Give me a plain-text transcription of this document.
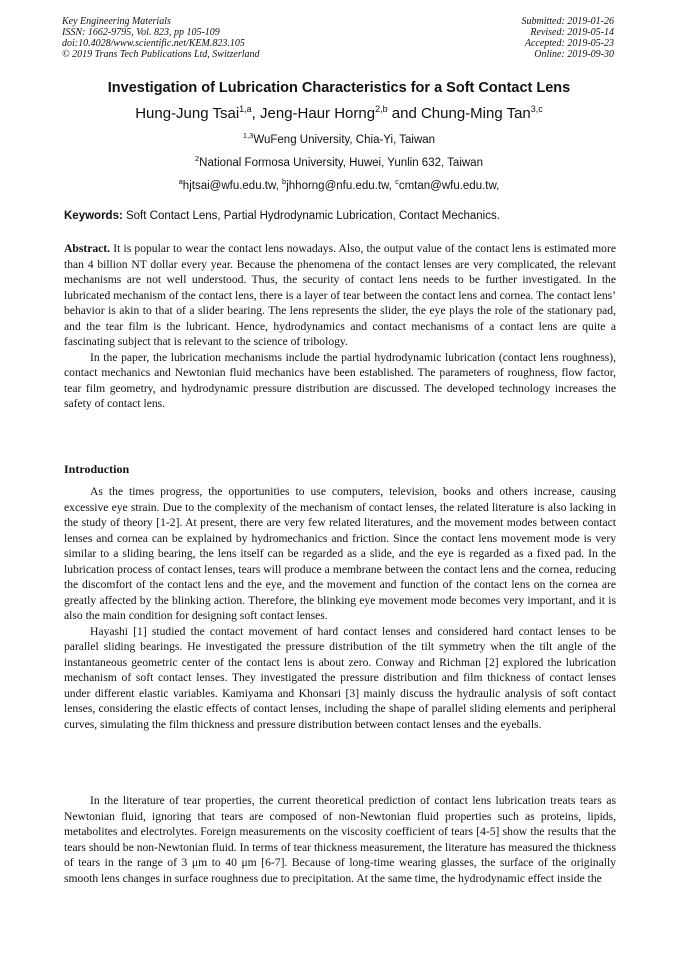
Key Engineering Materials
ISSN: 1662-9795, Vol. 823, pp 105-109
doi:10.4028/www.scientific.net/KEM.823.105
© 2019 Trans Tech Publications Ltd, Switzerland
Submitted: 2019-01-26
Revised: 2019-05-14
Accepted: 2019-05-23
Online: 2019-09-30
Investigation of Lubrication Characteristics for a Soft Contact Lens
Hung-Jung Tsai$^{1,a}$, Jeng-Haur Horng$^{2,b}$ and Chung-Ming Tan$^{3,c}$
$^{1,3}$WuFeng University, Chia-Yi, Taiwan
$^2$National Formosa University, Huwei, Yunlin 632, Taiwan
$^a$hjtsai@wfu.edu.tw, $^b$jhhorng@nfu.edu.tw, $^c$cmtan@wfu.edu.tw,
Keywords: Soft Contact Lens, Partial Hydrodynamic Lubrication, Contact Mechanics.

Abstract. It is popular to wear the contact lens nowadays. Also, the output value of the contact lens is estimated more than 4 billion NT dollar every year. Because the phenomena of the contact lenses are very complicated, the relevant mechanisms are not well understood. Thus, the security of contact lens needs to be further investigated. In the lubricated mechanism of the contact lens, there is a layer of tear between the contact lens and cornea. The contact lens’ behavior is akin to that of a slider bearing. The lens represents the slider, the eye plays the role of the stationary pad, and the tear film is the lubricant. Hence, hydrodynamics and contact mechanisms of a contact lens are quite a fascinating subject that is relevant to the science of tribology.

In the paper, the lubrication mechanisms include the partial hydrodynamic lubrication (contact lens roughness), contact mechanics and Newtonian fluid mechanics have been established. The parameters of roughness, flow factor, tear film geometry, and hydrodynamic pressure distribution are discussed. The developed technology increases the safety of contact lens.

Introduction

As the times progress, the opportunities to use computers, television, books and others increase, causing excessive eye strain. Due to the complexity of the mechanism of contact lenses, the related literature is also lacking in the study of theory [1-2]. At present, there are very few related literatures, and the movement modes between contact lenses and cornea can be explained by hydromechanics and friction. Since the contact lens movement mode is very similar to a sliding bearing, the lens itself can be regarded as a slide, and the eye is regarded as a fixed pad. In the lubrication process of contact lenses, tears will produce a membrane between the contact lens and the cornea, reducing the discomfort of the contact lens and the eye, and the movement and function of the contact lens on the cornea are greatly affected by the blinking action. Therefore, the blinking eye movement mode becomes very important, and it is also the main condition for designing soft contact lenses.

Hayashi [1] studied the contact movement of hard contact lenses and considered hard contact lenses to be parallel sliding bearings. He investigated the pressure distribution of the tilt symmetry when the tilt angle of the instantaneous geometric center of the contact lens is about zero. Conway and Richman [2] explored the lubrication mechanism of soft contact lenses. They investigated the pressure distribution and film thickness of contact lenses under different elastic variables. Kamiyama and Khonsari [3] mainly discuss the hydraulic analysis of soft contact lenses, considering the elastic effects of contact lenses, including the shape of parallel sliding elements and peripheral curves, simulating the film thickness and pressure distribution between contact lenses and the eyeballs.

In the literature of tear properties, the current theoretical prediction of contact lens lubrication treats tears as Newtonian fluid, ignoring that tears are composed of non-Newtonian fluid properties such as proteins, lipids, metabolites and electrolytes. Foreign measurements on the viscosity coefficient of tears [4-5] show the results that the tears should be non-Newtonian fluid. In terms of tear thickness measurement, the literature has measured the thickness of tears in the range of 3 μm to 40 μm [6-7]. Because of long-time wearing glasses, the surface of the originally smooth lens changes in surface roughness due to precipitation. At the same time, the hydrodynamic effect inside the
